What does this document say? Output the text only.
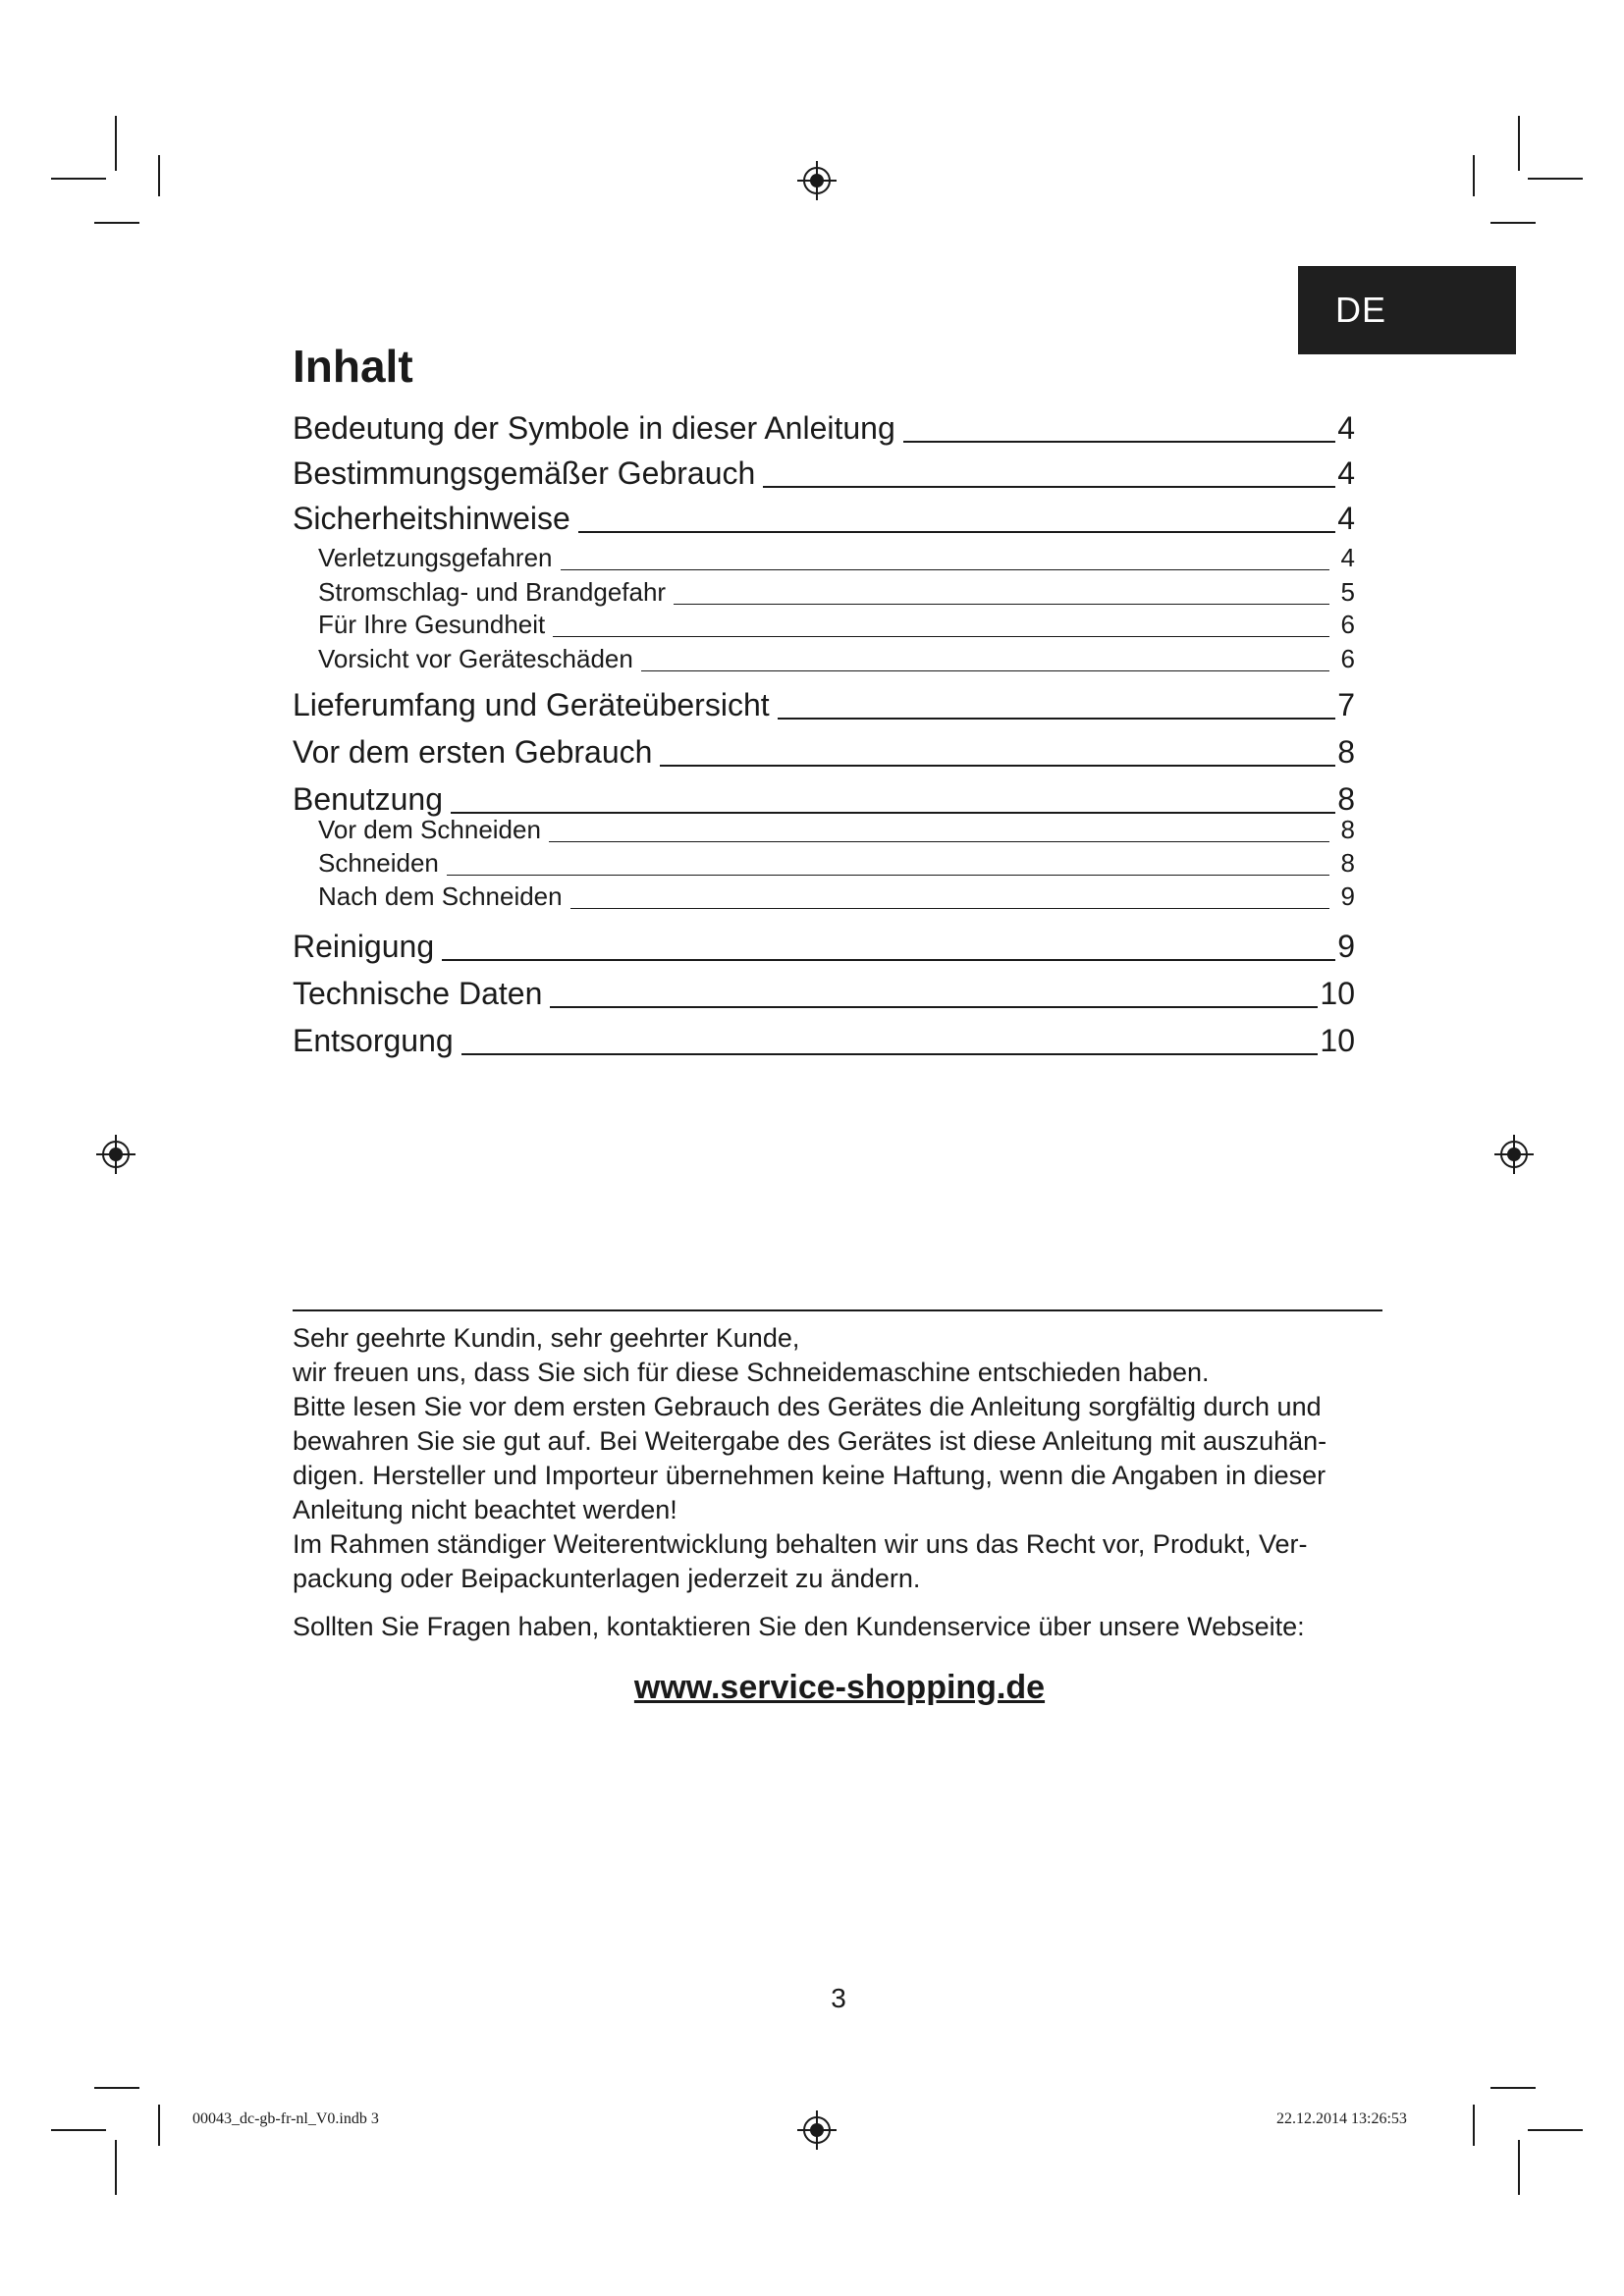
DE
Inhalt
Bedeutung der Symbole in dieser Anleitung	4
Bestimmungsgemäßer Gebrauch	4
Sicherheitshinweise	4
Verletzungsgefahren	4
Stromschlag- und Brandgefahr	5
Für Ihre Gesundheit	6
Vorsicht vor Geräteschäden	6
Lieferumfang und Geräteübersicht	7
Vor dem ersten Gebrauch	8
Benutzung	8
Vor dem Schneiden	8
Schneiden	8
Nach dem Schneiden	9
Reinigung	9
Technische Daten	10
Entsorgung	10

Sehr geehrte Kundin, sehr geehrter Kunde,

wir freuen uns, dass Sie sich für diese Schneidemaschine entschieden haben.

Bitte lesen Sie vor dem ersten Gebrauch des Gerätes die Anleitung sorgfältig durch und bewahren Sie sie gut auf. Bei Weitergabe des Gerätes ist diese Anleitung mit auszuhän-digen. Hersteller und Importeur übernehmen keine Haftung, wenn die Angaben in dieser Anleitung nicht beachtet werden!

Im Rahmen ständiger Weiterentwicklung behalten wir uns das Recht vor, Produkt, Ver-packung oder Beipackunterlagen jederzeit zu ändern.

Sollten Sie Fragen haben, kontaktieren Sie den Kundenservice über unsere Webseite:

www.service-shopping.de
3
00043_dc-gb-fr-nl_V0.indb 3	22.12.2014 13:26:53
